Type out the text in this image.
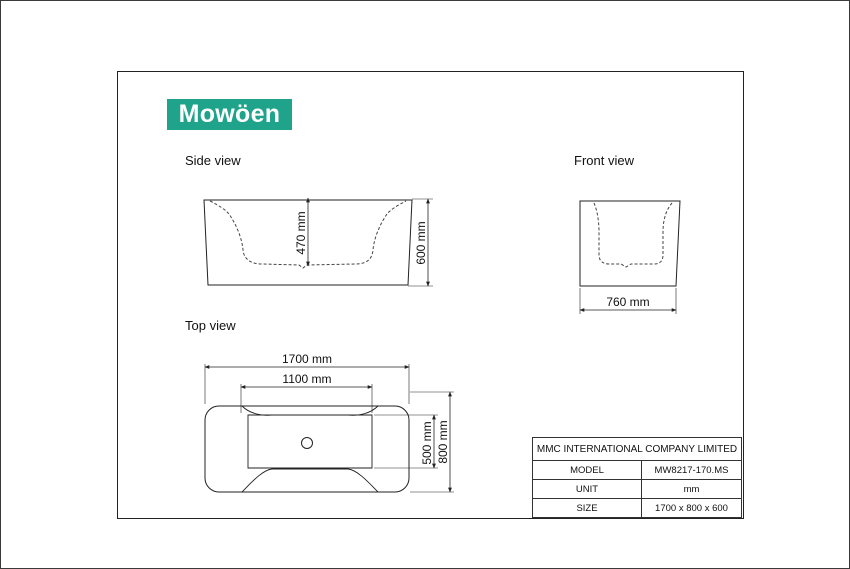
Mowöen
Side view	Front view
Top view
470 mm	600 mm
760 mm
1700 mm
1100 mm
500 mm 800 mm	MMC INTERNATIONAL COMPANY LIMITED	
MODEL	MW8217-170.MS
UNIT	mm
SIZE	1700 x 800 x 600
